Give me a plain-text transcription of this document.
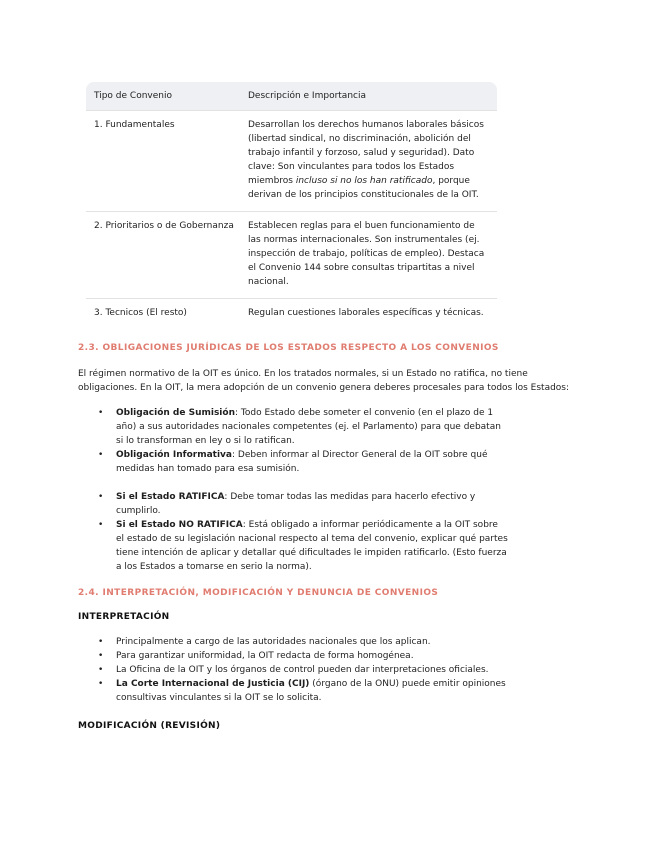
Tipo de Convenio	Descripción e Importancia
1. Fundamentales	Desarrollan los derechos humanos laborales básicos (libertad sindical, no discriminación, abolición del trabajo infantil y forzoso, salud y seguridad). Dato clave: Son vinculantes para todos los Estados miembros incluso si no los han ratificado, porque derivan de los principios constitucionales de la OIT.
2. Prioritarios o de Gobernanza	Establecen reglas para el buen funcionamiento de las normas internacionales. Son instrumentales (ej. inspección de trabajo, políticas de empleo). Destaca el Convenio 144 sobre consultas tripartitas a nivel nacional.
3. Tecnicos (El resto)	Regulan cuestiones laborales específicas y técnicas.
2.3. OBLIGACIONES JURÍDICAS DE LOS ESTADOS RESPECTO A LOS CONVENIOS

El régimen normativo de la OIT es único. En los tratados normales, si un Estado no ratifica, no tiene obligaciones. En la OIT, la mera adopción de un convenio genera deberes procesales para todos los Estados:

• Obligación de Sumisión: Todo Estado debe someter el convenio (en el plazo de 1 año) a sus autoridades nacionales competentes (ej. el Parlamento) para que debatan si lo transforman en ley o si lo ratifican.
• Obligación Informativa: Deben informar al Director General de la OIT sobre qué medidas han tomado para esa sumisión.
• Si el Estado RATIFICA: Debe tomar todas las medidas para hacerlo efectivo y cumplirlo.
• Si el Estado NO RATIFICA: Está obligado a informar periódicamente a la OIT sobre el estado de su legislación nacional respecto al tema del convenio, explicar qué partes tiene intención de aplicar y detallar qué dificultades le impiden ratificarlo. (Esto fuerza a los Estados a tomarse en serio la norma).
2.4. INTERPRETACIÓN, MODIFICACIÓN Y DENUNCIA DE CONVENIOS
INTERPRETACIÓN
• Principalmente a cargo de las autoridades nacionales que los aplican.
• Para garantizar uniformidad, la OIT redacta de forma homogénea.
• La Oficina de la OIT y los órganos de control pueden dar interpretaciones oficiales.
• La Corte Internacional de Justicia (CIJ) (órgano de la ONU) puede emitir opiniones consultivas vinculantes si la OIT se lo solicita.
MODIFICACIÓN (REVISIÓN)
